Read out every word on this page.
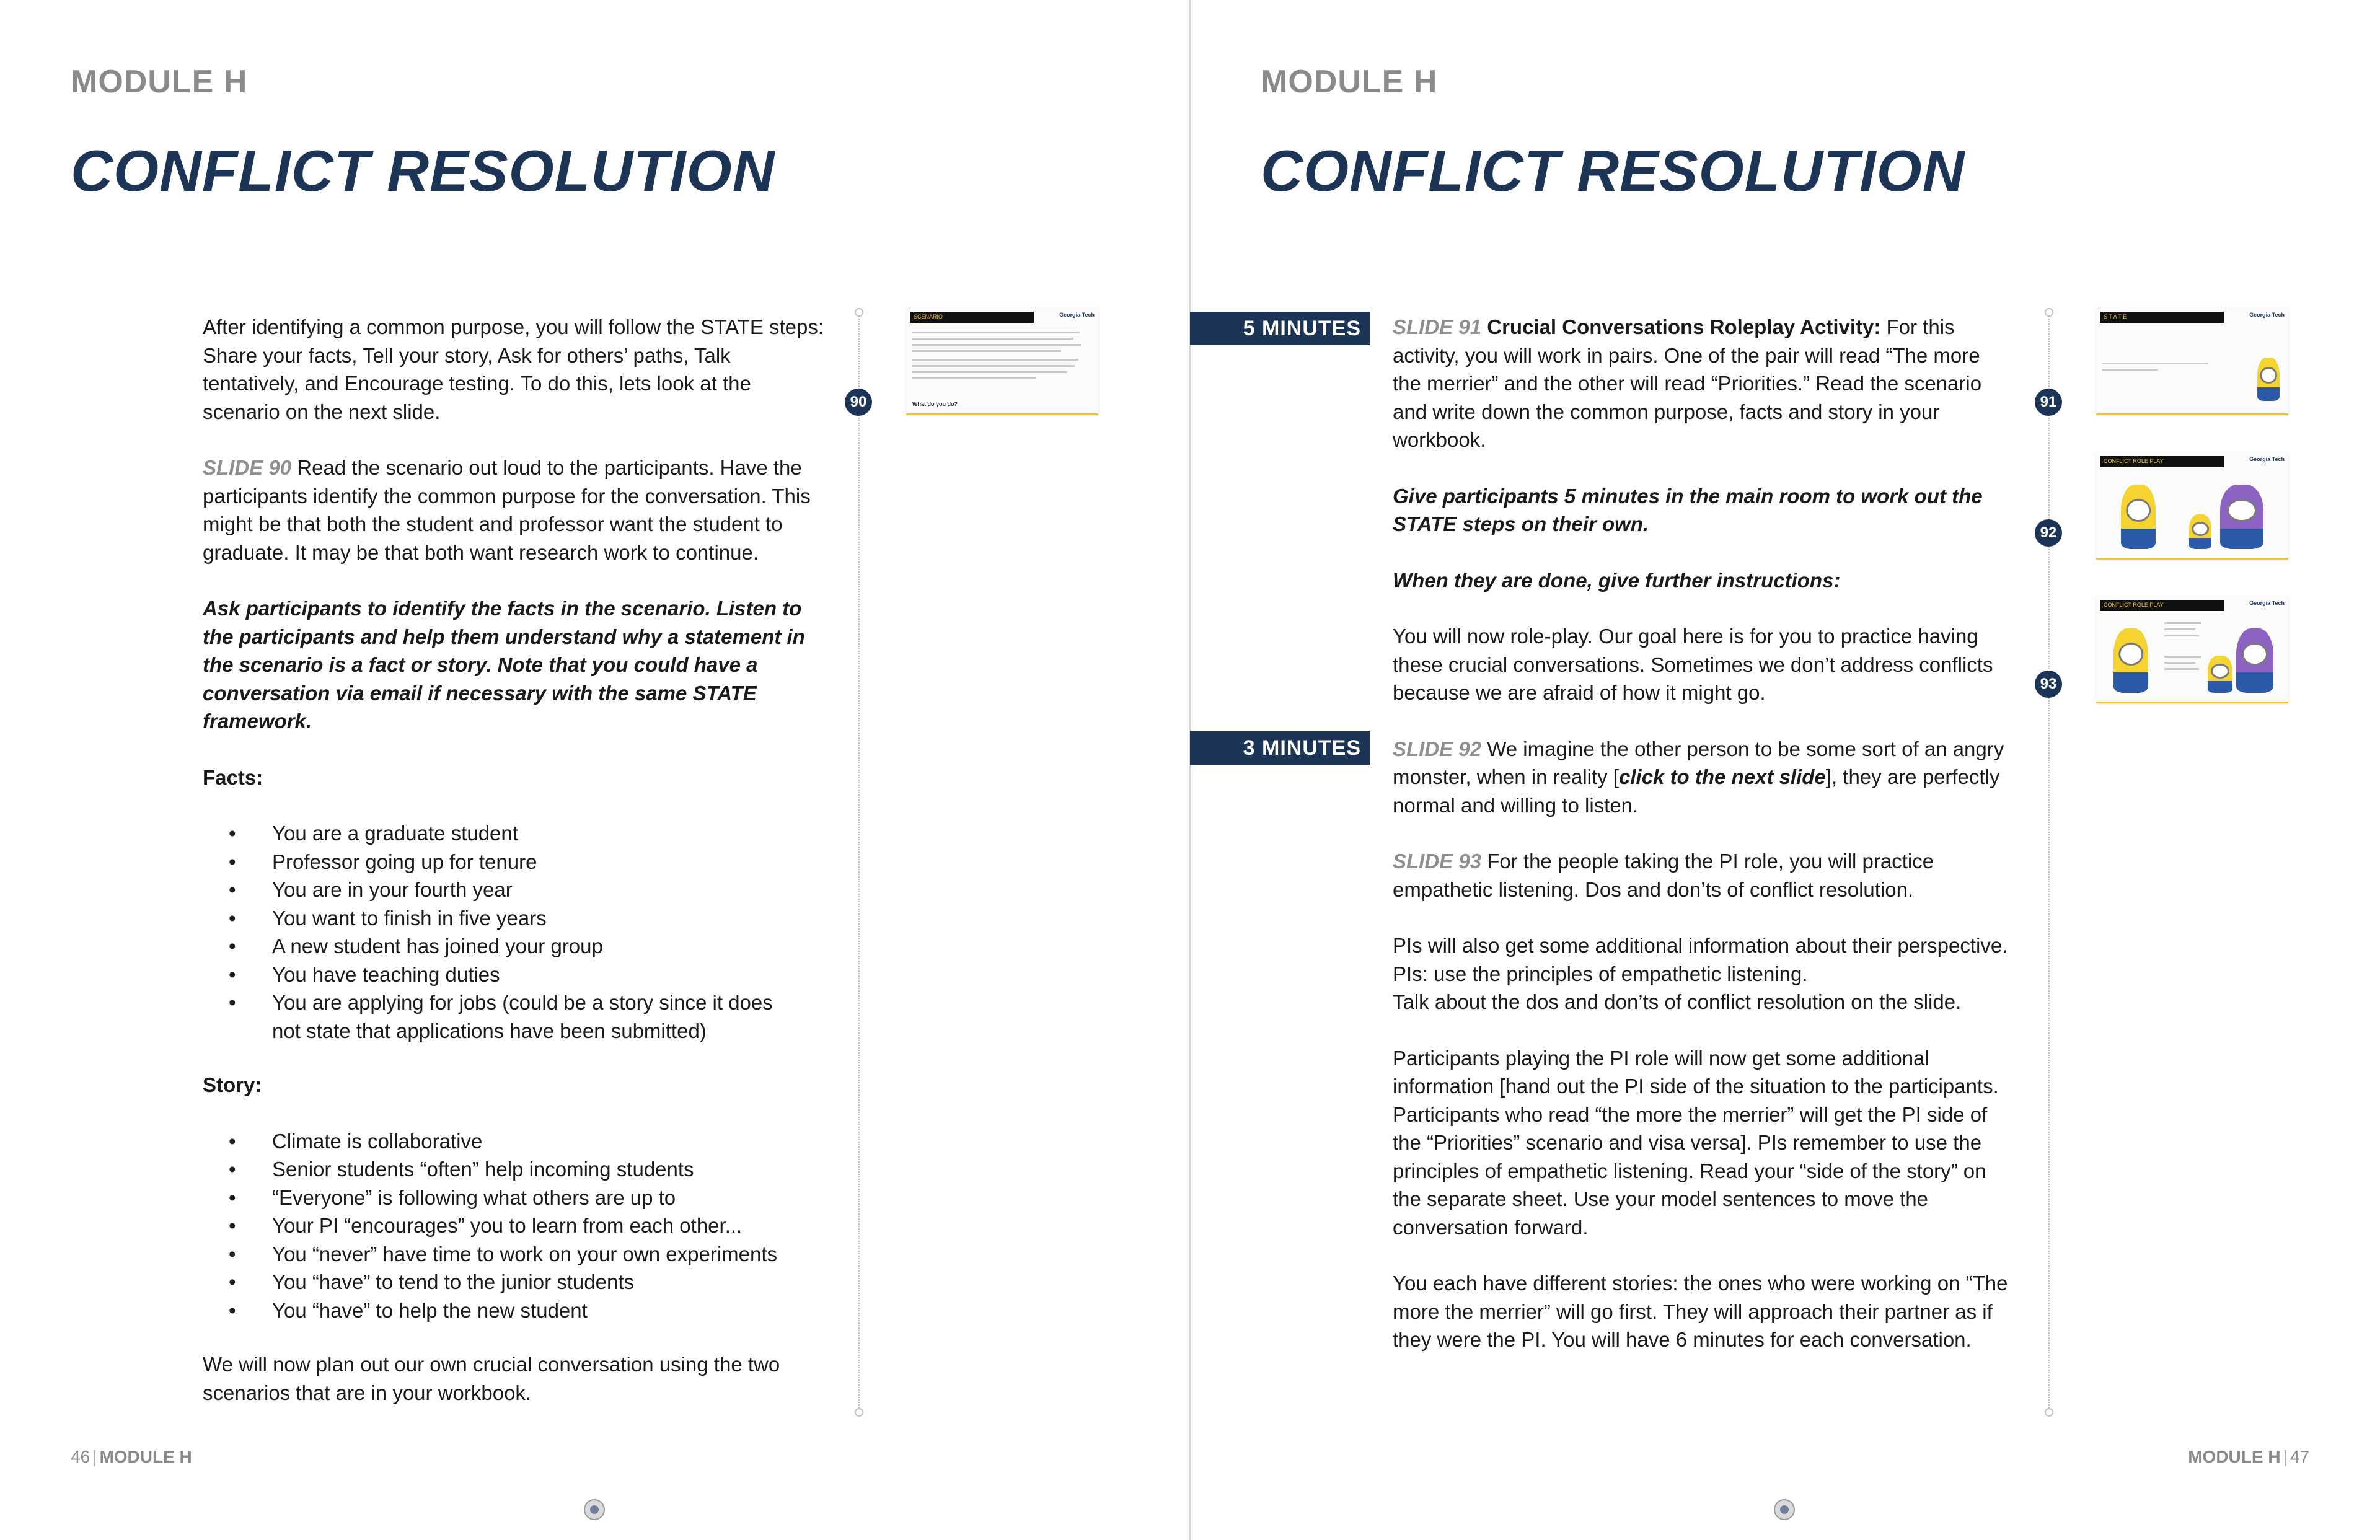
MODULE H
CONFLICT RESOLUTION

After identifying a common purpose, you will follow the STATE steps: Share your facts, Tell your story, Ask for others’ paths, Talk tentatively, and Encourage testing. To do this, lets look at the scenario on the next slide.

SLIDE 90 Read the scenario out loud to the participants. Have the participants identify the common purpose for the conversation. This might be that both the student and professor want the student to graduate. It may be that both want research work to continue.

Ask participants to identify the facts in the scenario. Listen to the participants and help them understand why a statement in the scenario is a fact or story. Note that you could have a conversation via email if necessary with the same STATE framework.

Facts:

• You are a graduate student
• Professor going up for tenure
• You are in your fourth year
• You want to finish in five years
• A new student has joined your group
• You have teaching duties
• You are applying for jobs (could be a story since it does not state that applications have been submitted)

Story:

• Climate is collaborative
• Senior students “often” help incoming students
• “Everyone” is following what others are up to
• Your PI “encourages” you to learn from each other...
• You “never” have time to work on your own experiments
• You “have” to tend to the junior students
• You “have” to help the new student

We will now plan out our own crucial conversation using the two scenarios that are in your workbook.

90
SCENARIO	Georgia Tech
What do you do?
46 | MODULE H
MODULE H
CONFLICT RESOLUTION
5 MINUTES
3 MINUTES

SLIDE 91 Crucial Conversations Roleplay Activity: For this activity, you will work in pairs. One of the pair will read “The more the merrier” and the other will read “Priorities.” Read the scenario and write down the common purpose, facts and story in your workbook.

Give participants 5 minutes in the main room to work out the STATE steps on their own.

When they are done, give further instructions:

You will now role-play. Our goal here is for you to practice having these crucial conversations. Sometimes we don’t address conflicts because we are afraid of how it might go.

SLIDE 92 We imagine the other person to be some sort of an angry monster, when in reality [click to the next slide], they are perfectly normal and willing to listen.

SLIDE 93 For the people taking the PI role, you will practice empathetic listening. Dos and don’ts of conflict resolution.

PIs will also get some additional information about their perspective. PIs: use the principles of empathetic listening.
Talk about the dos and don’ts of conflict resolution on the slide.

Participants playing the PI role will now get some additional information [hand out the PI side of the situation to the participants. Participants who read “the more the merrier” will get the PI side of the “Priorities” scenario and visa versa]. PIs remember to use the principles of empathetic listening. Read your “side of the story” on the separate sheet. Use your model sentences to move the conversation forward.

You each have different stories: the ones who were working on “The more the merrier” will go first. They will approach their partner as if they were the PI. You will have 6 minutes for each conversation.

91
92
93
S T A T E	Georgia Tech
CONFLICT ROLE PLAY	Georgia Tech
CONFLICT ROLE PLAY	Georgia Tech
MODULE H | 47
